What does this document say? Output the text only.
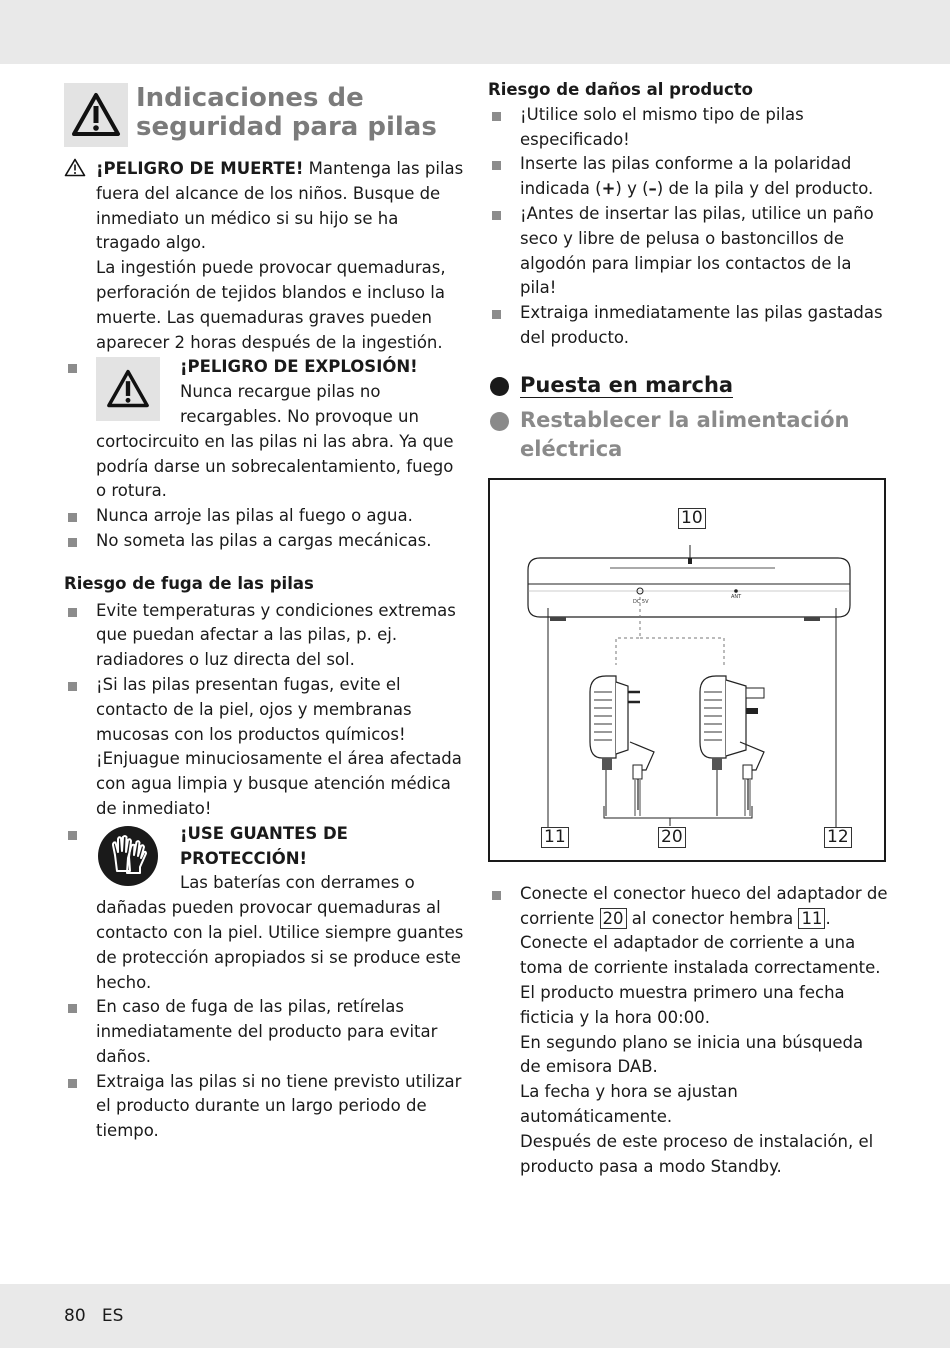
Indicaciones de seguridad para pilas

¡PELIGRO DE MUERTE! Mantenga las pilas fuera del alcance de los niños. Busque de inmediato un médico si su hijo se ha tragado algo.

La ingestión puede provocar quemaduras, perforación de tejidos blandos e incluso la muerte. Las quemaduras graves pueden aparecer 2 horas después de la ingestión.

¡PELIGRO DE EXPLOSIÓN!
Nunca recargue pilas no recargables. No provoque un cortocircuito en las pilas ni las abra. Ya que podría darse un sobrecalentamiento, fuego o rotura.
Nunca arroje las pilas al fuego o agua.
No someta las pilas a cargas mecánicas.
Riesgo de fuga de las pilas
Evite temperaturas y condiciones extremas que puedan afectar a las pilas, p. ej. radiadores o luz directa del sol.
¡Si las pilas presentan fugas, evite el contacto de la piel, ojos y membranas mucosas con los productos químicos! ¡Enjuague minuciosamente el área afectada con agua limpia y busque atención médica de inmediato!
¡USE GUANTES DE PROTECCIÓN!
Las baterías con derrames o dañadas pueden provocar quemaduras al contacto con la piel. Utilice siempre guantes de protección apropiados si se produce este hecho.
En caso de fuga de las pilas, retírelas inmediatamente del producto para evitar daños.
Extraiga las pilas si no tiene previsto utilizar el producto durante un largo periodo de tiempo.
Riesgo de daños al producto
¡Utilice solo el mismo tipo de pilas especificado!
Inserte las pilas conforme a la polaridad indicada (+) y (–) de la pila y del producto.
¡Antes de insertar las pilas, utilice un paño seco y libre de pelusa o bastoncillos de algodón para limpiar los contactos de la pila!
Extraiga inmediatamente las pilas gastadas del producto.
Puesta en marcha
Restablecer la alimentación eléctrica
10
11	20	12
DC 5V
ANT

Conecte el conector hueco del adaptador de corriente 20 al conector hembra 11 .

Conecte el adaptador de corriente a una toma de corriente instalada correctamente.

El producto muestra primero una fecha ficticia y la hora 00:00.

En segundo plano se inicia una búsqueda de emisora DAB.

La fecha y hora se ajustan automáticamente.

Después de este proceso de instalación, el producto pasa a modo Standby.

80 ES
